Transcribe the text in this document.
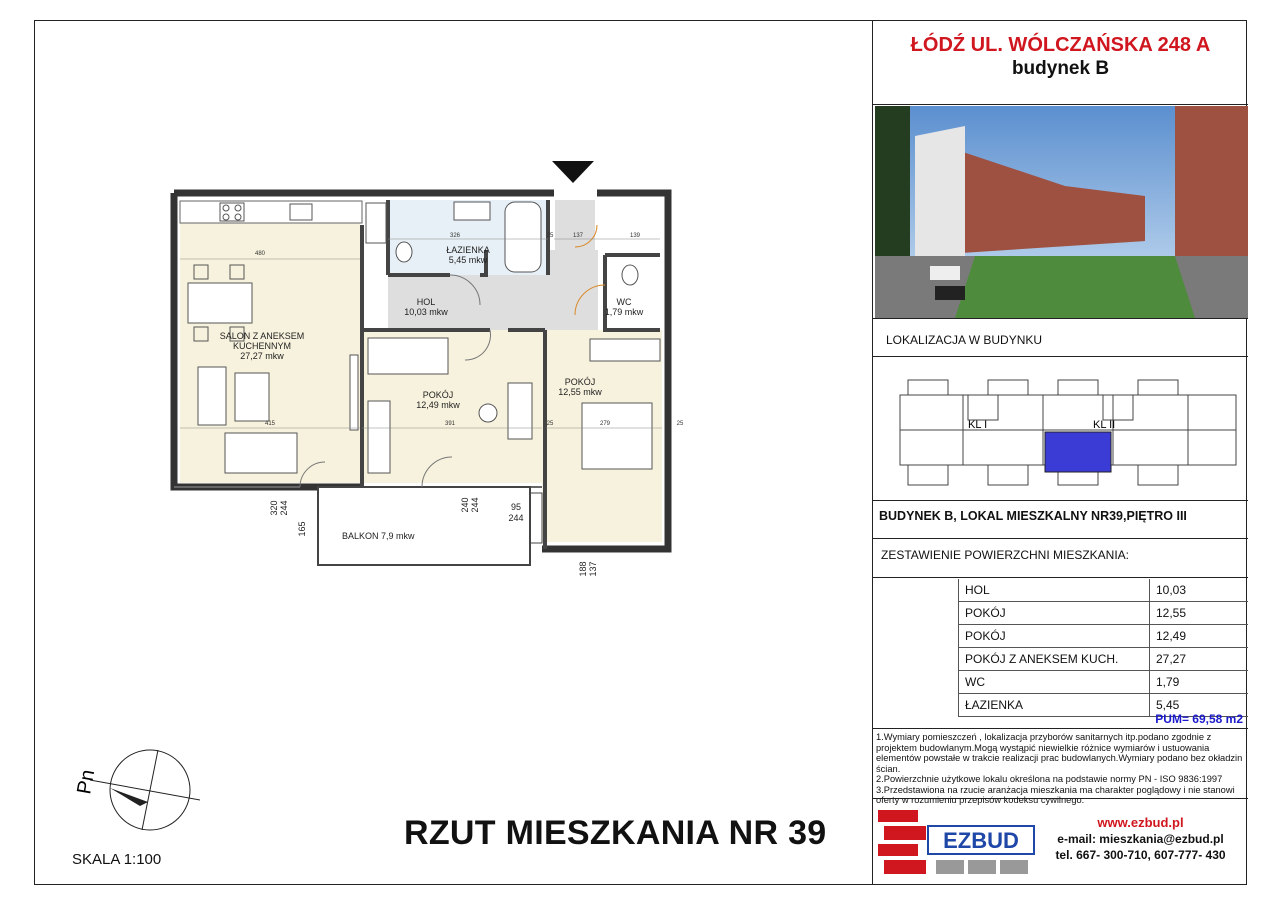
SALON Z ANEKSEM
KUCHENNYM
27,27 mkw
ŁAZIENKA
5,45 mkw
HOL
10,03 mkw
WC
1,79 mkw
POKÓJ
12,49 mkw
POKÓJ
12,55 mkw
BALKON 7,9 mkw
480
326	137	139
415	391	279
25
25	25
320 244
165
240 244	95
244
188 137
Pn
RZUT MIESZKANIA NR 39
SKALA 1:100
ŁÓDŹ UL. WÓLCZAŃSKA 248 A
budynek B
LOKALIZACJA W BUDYNKU
KL I	KL II
BUDYNEK B, LOKAL MIESZKALNY NR39,PIĘTRO III
ZESTAWIENIE POWIERZCHNI MIESZKANIA:
HOL	10,03
POKÓJ	12,55
POKÓJ	12,49
POKÓJ Z ANEKSEM KUCH.	27,27
WC	1,79
ŁAZIENKA	5,45
PUM= 69,58 m2
1.Wymiary pomieszczeń , lokalizacja przyborów sanitarnych itp.podano zgodnie z projektem budowlanym.Mogą wystąpić niewielkie różnice wymiarów i ustuowania elementów powstałe w trakcie realizacji prac budowlanych.Wymiary podano bez okładzin ścian.
2.Powierzchnie użytkowe lokalu określona na podstawie normy PN - ISO 9836:1997
3.Przedstawiona na rzucie aranżacja mieszkania ma charakter poglądowy i nie stanowi oferty w rozumieniu przepisów kodeksu cywilnego.
EZBUD
www.ezbud.pl
e-mail: mieszkania@ezbud.pl
tel. 667- 300-710, 607-777- 430
